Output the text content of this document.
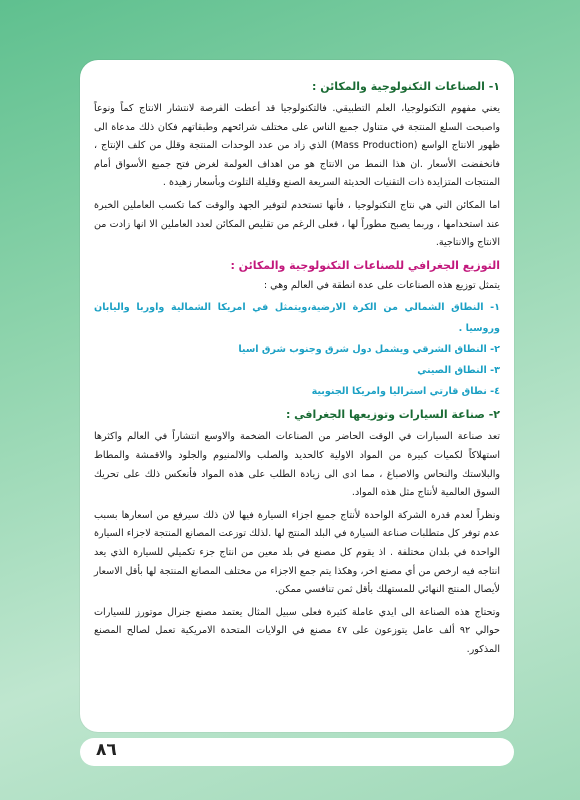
١- الصناعات التكنولوجية والمكائن :

يعني مفهوم التكنولوجيا، العلم التطبيقي. فالتكنولوجيا قد أعطت الفرصة لانتشار الانتاج كماً ونوعاً واصبحت السلع المنتجة في متناول جميع الناس على مختلف شرائحهم وطبقاتهم فكان ذلك مدعاة الى ظهور الانتاج الواسع (Mass Production) الذي زاد من عدد الوحدات المنتجة وقلل من كلف الإنتاج ، فانخفضت الأسعار .ان هذا النمط من الانتاج هو من اهداف العولمة لغرض فتح جميع الأسواق أمام المنتجات المتزايدة ذات التقنيات الحديثة السريعة الصنع وقليلة التلوث وبأسعار زهيدة .

اما المكائن التي هي نتاج التكنولوجيا ، فأنها تستخدم لتوفير الجهد والوقت كما تكسب العاملين الخبرة عند استخدامها ، وربما يصبح مطوراً لها ، فعلى الرغم من تقليص المكائن لعدد العاملين الا انها زادت من الانتاج والانتاجية.

التوزيع الجغرافي للصناعات التكنولوجية والمكائن :

يتمثل توزيع هذه الصناعات على عدة انطقة في العالم وهي :

١- النطاق الشمالي من الكرة الارضية،ويتمثل في امريكا الشمالية واوربا واليابان وروسيا .
٢- النطاق الشرقي ويشمل دول شرق وجنوب شرق اسيا
٣- النطاق الصيني
٤- نطاق قارتي استراليا وامريكا الجنوبية
٢- صناعة السيارات وتوزيعها الجغرافي :

تعد صناعة السيارات في الوقت الحاضر من الصناعات الضخمة والاوسع انتشاراً في العالم واكثرها استهلاكاً لكميات كبيرة من المواد الاولية كالحديد والصلب والالمنيوم والجلود والاقمشة والمطاط والبلاستك والنحاس والاصباغ ، مما ادى الى زيادة الطلب على هذه المواد فأنعكس ذلك على تحريك السوق العالمية لأنتاج مثل هذه المواد.

ونظراً لعدم قدرة الشركة الواحدة لأنتاج جميع اجزاء السيارة فيها لان ذلك سيرفع من اسعارها بسبب عدم توفر كل متطلبات صناعة السيارة في البلد المنتج لها .لذلك توزعت المصانع المنتجة لاجزاء السيارة الواحدة في بلدان مختلفة . اذ يقوم كل مصنع في بلد معين من انتاج جزء تكميلي للسيارة الذي يعد انتاجه فيه ارخص من أي مصنع اخر، وهكذا يتم جمع الاجزاء من مختلف المصانع المنتجة لها بأقل الاسعار لأيصال المنتج النهائي للمستهلك بأقل ثمن تنافسي ممكن.

وتحتاج هذه الصناعة الى ايدي عاملة كثيرة فعلى سبيل المثال يعتمد مصنع جنرال موتورز للسيارات حوالي ٩٢ ألف عامل يتوزعون على ٤٧ مصنع في الولايات المتحدة الامريكية تعمل لصالح المصنع المذكور.

٨٦
